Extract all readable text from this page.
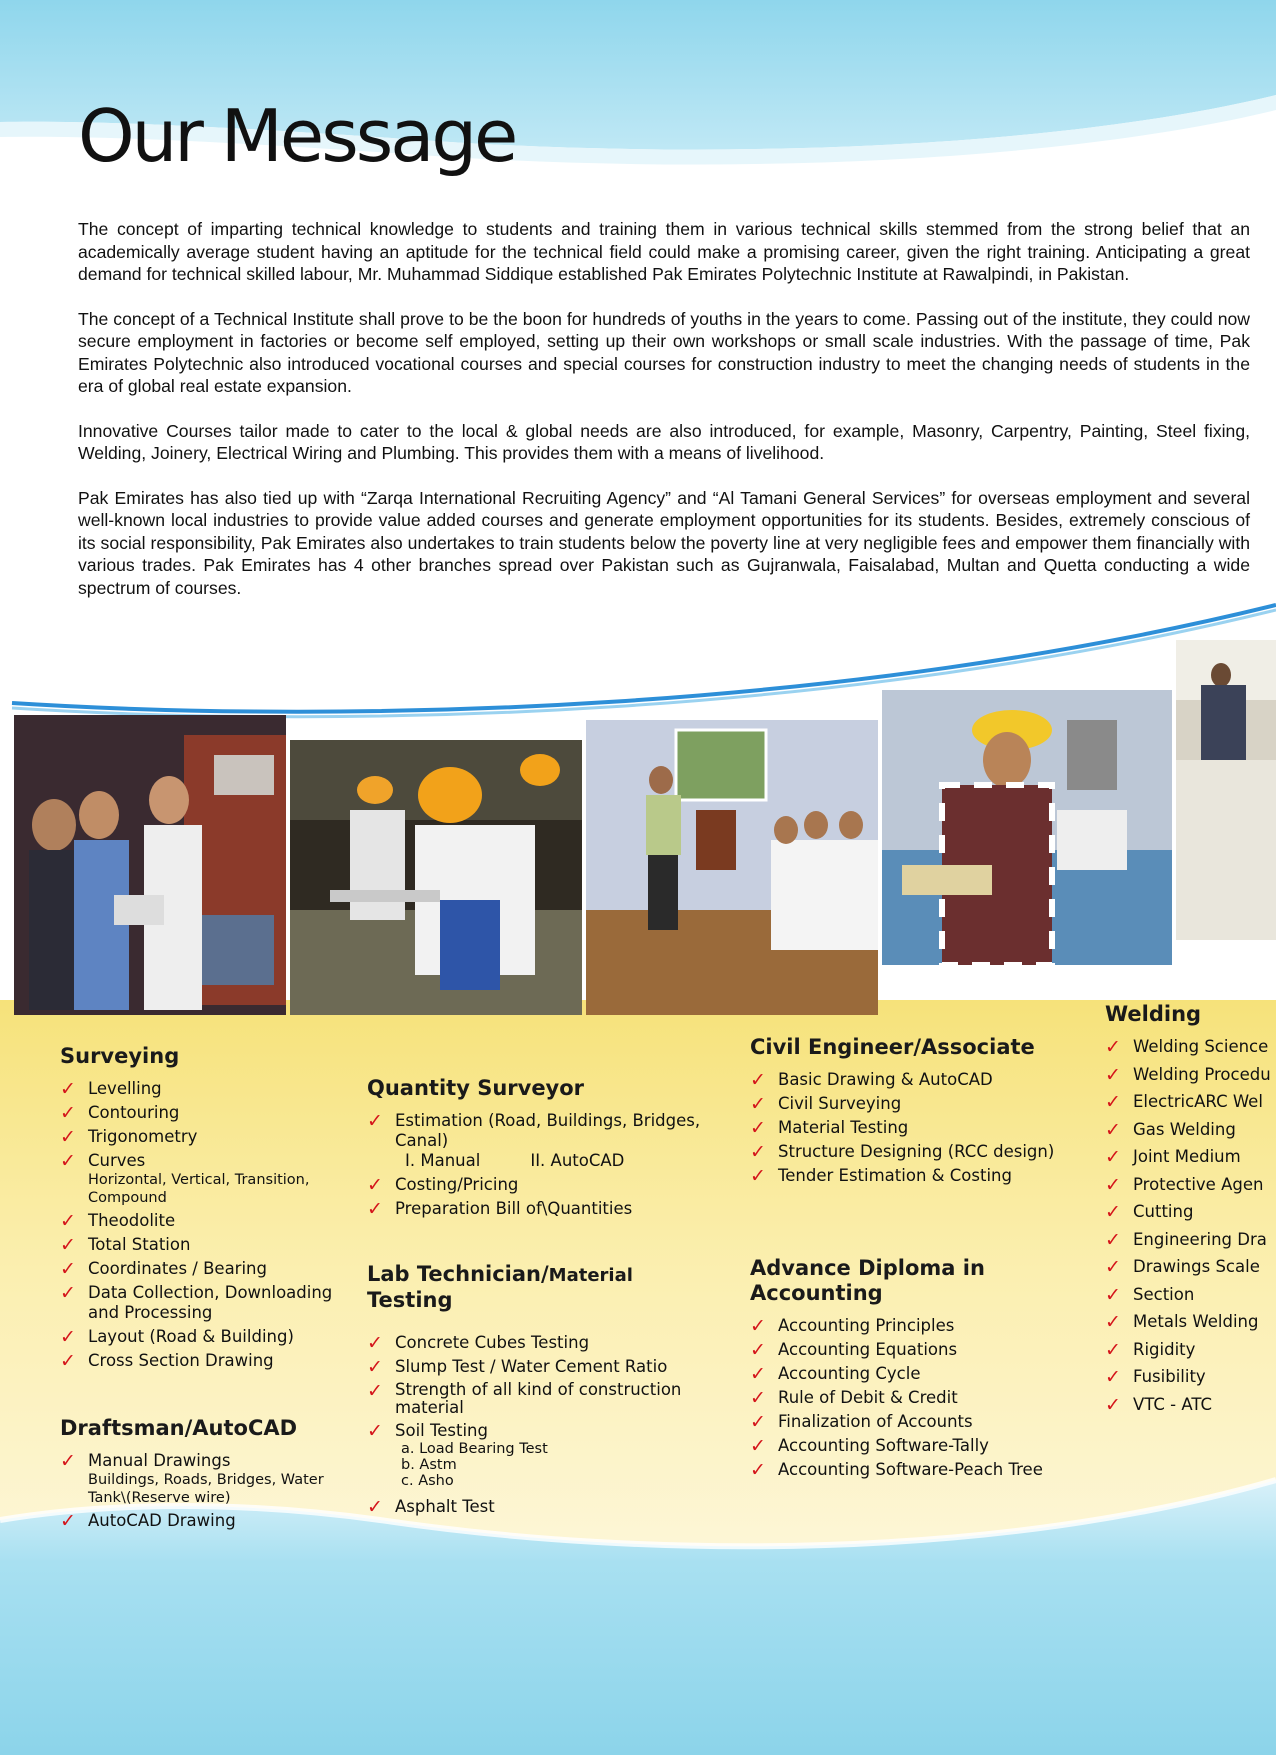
Our Message

The concept of imparting technical knowledge to students and training them in various technical skills stemmed from the strong belief that an academically average student having an aptitude for the technical field could make a promising career, given the right training. Anticipating a great demand for technical skilled labour, Mr. Muhammad Siddique established Pak Emirates Polytechnic Institute at Rawalpindi, in Pakistan.

The concept of a Technical Institute shall prove to be the boon for hundreds of youths in the years to come. Passing out of the institute, they could now secure employment in factories or become self employed, setting up their own workshops or small scale industries. With the passage of time, Pak Emirates Polytechnic also introduced vocational courses and special courses for construction industry to meet the changing needs of students in the era of global real estate expansion.

Innovative Courses tailor made to cater to the local & global needs are also introduced, for example, Masonry, Carpentry, Painting, Steel fixing, Welding, Joinery, Electrical Wiring and Plumbing. This provides them with a means of livelihood.

Pak Emirates has also tied up with “Zarqa International Recruiting Agency” and “Al Tamani General Services” for overseas employment and several well-known local industries to provide value added courses and generate employment opportunities for its students. Besides, extremely conscious of its social responsibility, Pak Emirates also undertakes to train students below the poverty line at very negligible fees and empower them financially with various trades. Pak Emirates has 4 other branches spread over Pakistan such as Gujranwala, Faisalabad, Multan and Quetta conducting a wide spectrum of courses.

Surveying
✓ Levelling
✓ Contouring
✓ Trigonometry
✓ Curves
Horizontal, Vertical, Transition, Compound
✓ Theodolite
✓ Total Station
✓ Coordinates / Bearing
✓ Data Collection, Downloading and Processing
✓ Layout (Road & Building)
✓ Cross Section Drawing
Draftsman/AutoCAD
✓ Manual Drawings
Buildings, Roads, Bridges, Water Tank\(Reserve wire)
✓ AutoCAD Drawing
Quantity Surveyor
✓ Estimation (Road, Buildings, Bridges, Canal)
I. Manual	II. AutoCAD
✓ Costing/Pricing
✓ Preparation Bill of\Quantities
Lab Technician/Material
Testing
✓ Concrete Cubes Testing
✓ Slump Test / Water Cement Ratio
✓ Strength of all kind of construction material
✓ Soil Testing
a. Load Bearing Test
b. Astm
c. Asho
✓ Asphalt Test
Civil Engineer/Associate
✓ Basic Drawing & AutoCAD
✓ Civil Surveying
✓ Material Testing
✓ Structure Designing (RCC design)
✓ Tender Estimation & Costing
Advance Diploma in Accounting
✓ Accounting Principles
✓ Accounting Equations
✓ Accounting Cycle
✓ Rule of Debit & Credit
✓ Finalization of Accounts
✓ Accounting Software-Tally
✓ Accounting Software-Peach Tree
Welding
✓ Welding Science
✓ Welding Procedu
✓ ElectricARC Wel
✓ Gas Welding
✓ Joint Medium
✓ Protective Agen
✓ Cutting
✓ Engineering Dra
✓ Drawings Scale
✓ Section
✓ Metals Welding
✓ Rigidity
✓ Fusibility
✓ VTC - ATC
